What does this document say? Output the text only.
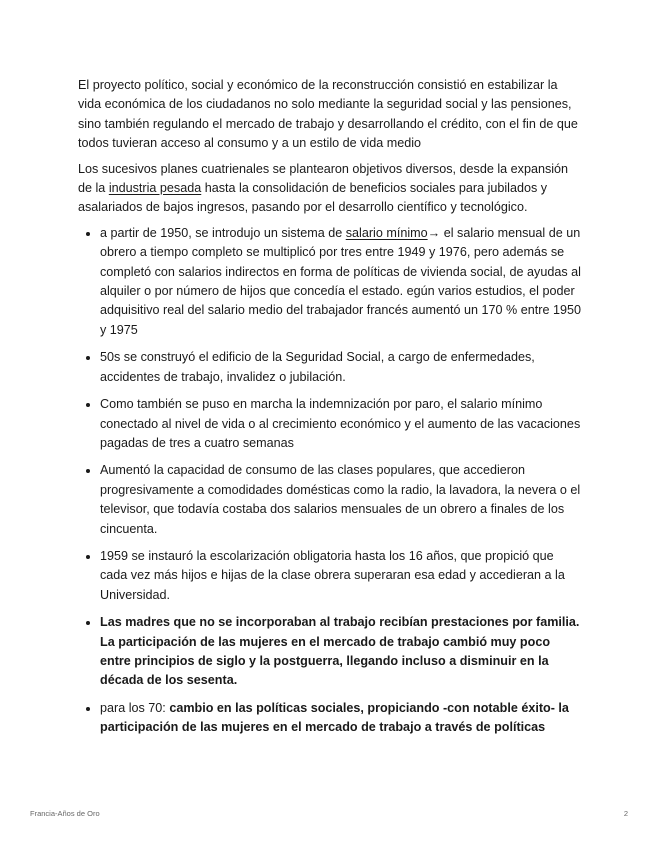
El proyecto político, social y económico de la reconstrucción consistió en estabilizar la vida económica de los ciudadanos no solo mediante la seguridad social y las pensiones, sino también regulando el mercado de trabajo y desarrollando el crédito, con el fin de que todos tuvieran acceso al consumo y a un estilo de vida medio

Los sucesivos planes cuatrienales se plantearon objetivos diversos, desde la expansión de la industria pesada hasta la consolidación de beneficios sociales para jubilados y asalariados de bajos ingresos, pasando por el desarrollo científico y tecnológico.

a partir de 1950, se introdujo un sistema de salario mínimo→ el salario mensual de un obrero a tiempo completo se multiplicó por tres entre 1949 y 1976, pero además se completó con salarios indirectos en forma de políticas de vivienda social, de ayudas al alquiler o por número de hijos que concedía el estado. egún varios estudios, el poder adquisitivo real del salario medio del trabajador francés aumentó un 170 % entre 1950 y 1975
50s se construyó el edificio de la Seguridad Social, a cargo de enfermedades, accidentes de trabajo, invalidez o jubilación.
Como también se puso en marcha la indemnización por paro, el salario mínimo conectado al nivel de vida o al crecimiento económico y el aumento de las vacaciones pagadas de tres a cuatro semanas
Aumentó la capacidad de consumo de las clases populares, que accedieron progresivamente a comodidades domésticas como la radio, la lavadora, la nevera o el televisor, que todavía costaba dos salarios mensuales de un obrero a finales de los cincuenta.
1959 se instauró la escolarización obligatoria hasta los 16 años, que propició que cada vez más hijos e hijas de la clase obrera superaran esa edad y accedieran a la Universidad.
Las madres que no se incorporaban al trabajo recibían prestaciones por familia. La participación de las mujeres en el mercado de trabajo cambió muy poco entre principios de siglo y la postguerra, llegando incluso a disminuir en la década de los sesenta.
para los 70: cambio en las políticas sociales, propiciando -con notable éxito- la participación de las mujeres en el mercado de trabajo a través de políticas
Francia-Años de Oro	2
